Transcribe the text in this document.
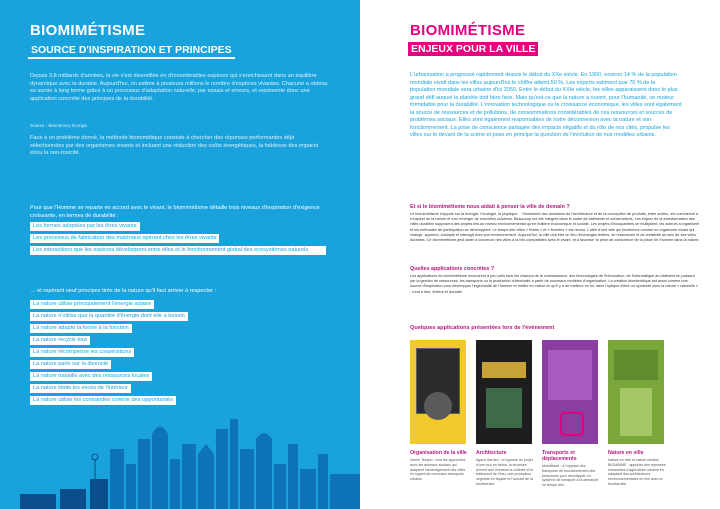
BIOMIMÉTISME
SOURCE D'INSPIRATION ET PRINCIPES
Depuis 3,8 milliards d'années, la vie s'est diversifiée en d'innombrables espèces qui s'enrichissent dans un équilibre dynamique avec la durable. Aujourd'hui, on estime à plusieurs millions le nombre d'espèces vivantes. Chacune a obtenu sa survie à long terme grâce à un processus d'adaptation naturelle, par essais et erreurs, et représente donc une application concrète des principes de la durabilité.
Source : Biomimicry Europa
Face à un problème donné, la méthode biomimétique consiste à chercher des réponses performantes déjà sélectionnées par des organismes vivants et incluant une réduction des coûts énergétiques, la faiblesse des impacts et/ou la non-toxicité.
Pour que l'Homme se reparte en accord avec le vivant, le biomimétisme détaille trois niveaux d'inspiration d'exigence croissante, en termes de durabilité :
Les formes adoptées par les êtres vivants
Les processus de fabrication des matériaux opérant chez les êtres vivants
Les interactions que les espèces développent entre elles et le fonctionnement global des écosystèmes naturels
… et repérant neuf principes tirés de la nature qu'il faut arriver à respecter :
La nature utilise principalement l'énergie solaire
La nature n'utilise que la quantité d'énergie dont elle a besoin
La nature adapte la forme à la fonction
La nature recycle tout
La nature récompense les coopérations
La nature parie sur la diversité
La nature travaille avec des ressources locales
La nature limite les excès de l'intérieur
La nature utilise les contraintes comme des opportunités
BIOMIMÉTISME
ENJEUX POUR LA VILLE
L'urbanisation a progressé rapidement depuis le début du XXe siècle. En 1900, environ 14 % de la population mondiale vivait dans les villes aujourd'hui le chiffre atteint 50 %. Les experts estiment que 70 % de la population mondiale sera urbaine d'ici 2050. Entre le début du XXIe siècle, les villes apparaissent donc le plus grand défi auquel la planète doit faire face. Mais qu'est-ce que la nature a ouvert, pour l'humanité, un moteur formidable pour la durabilité. L'innovation technologique ou la croissance économique, les villes sont également la source de ressources et de pollutions, de consommations considérables de ces ressources et sources de problèmes sociaux. Elles sont également responsables de notre déconnexion avec la nature et son fonctionnement. La prise de conscience partagée des impacts négatifs et du rôle de nos cités, propulse les villes sur le devant de la scène et pose en principe la question de l'évolution de nos modèles urbains.
Et si le biomimétisme nous aidait à penser la ville de demain ?
Le biomimétisme s'appuie sur la biologie, l'écologie, la physique… Seulement des domaines de l'architecture et de la conception de produits, entre autres, ont commencé à s'inspirer de la nature et s'en émerger de nouvelles solutions. Beaucoup ont été intégrés dans le cadre de bâtiments et constructions. Les enjeux de la transformation des villes durables supposent des projets tels au niveau environnemental qu'en matière économique et sociale. Les projets d'écoquartiers se multiplient, les acteurs s'organisent et les méthodes de participation se développent. Le temps des villes « fixées » et « fermées » est révolu. L'idée d'une ville qui fonctionne comme un organisme vivant qui change, apprend, s'adapte et interagit avec son environnement. Aujourd'hui, la ville doit être un lieu d'échanges fertiles, de ressources et de créativité au sein de ses villes durables. Ce biomimétisme peut aider à concevoir des villes à la fois compatibles avec le vivant, et à favoriser la prise de conscience de la place de l'homme dans la nature.
Quelles applications concrètes ?
Les applications du biomimétisme recouvrent à peu près tous les champs de la connaissance, des technologies de l'information, de l'informatique au bâtiment en passant par la gestion de ressources, les transports ou la production d'électricité à partir de nouveaux modèles d'organisation. La création biomimétique est aussi comme une source d'inspiration pour développer l'ingéniosité de l'homme et mettre en valeur ce qu'il y a de meilleur en lui, dans l'optique d'être un symbiote avec la nature « naturelle » : c'est à dire, imiteur et durable.
Quelques applications présentées lors de l'évènement
Organisation de la ville
Xavier Tesson : how les approches avec les animaux sociaux qui adaptent l'aménagement des villes en regard de nouveaux transports urbains.
Architecture
Agora Garden : à l'opposé du projet d'une tour en béton, la structure permet aux riverains la collecte et le traitement de l'eau, une production végétale en façade et l'accueil de la biodiversité.
Transports et déplacements
Mobilidade : à l'opposé des transports de fonctionnement des personnes pour développer un système de transport à la demande en temps réel.
Nature en ville
Nature en ville et nature urbaine BIOMIMME : apporter des réponses innovantes d'agriculture urbaine en adaptant des architectures environnementales en lien avec la biodiversité.
